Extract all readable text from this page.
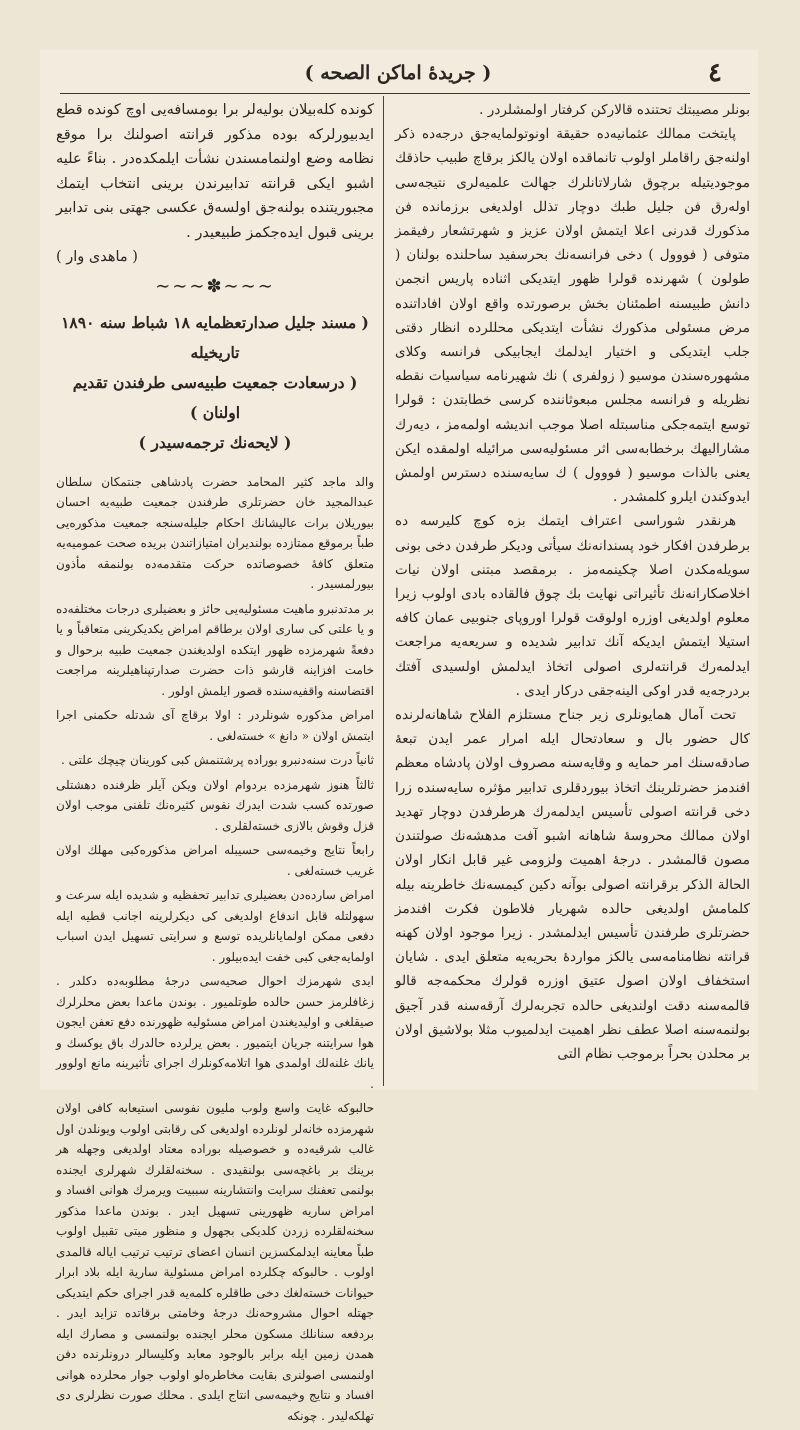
( جريدهٔ اماكن الصحه )	٤

بونلر مصيبتك تحتنده قالاركن كرفتار اولمشلردر .

پايتخت ممالك عثمانيه‌ده حقيقة اونوتولمايه‌جق درجه‌ده ذكر اولنه‌جق راقاملر اولوب تانماقده اولان يالكز برقاچ طبيب حاذقك موجوديتيله برچوق شارلاتانلرك جهالت علميه‌لرى نتيجه‌سى اوله‌رق فن جليل طبك دوچار تذلل اولديغى برزمانده فن مذكورك قدرنى اعلا ايتمش اولان عزيز و شهرتشعار رفيقمز متوفى ( فووول ) دخى فرانسه‌نك بحرسفيد ساحلنده بولنان ( طولون ) شهرنده قولرا ظهور ايتديكى اثناده پاريس انجمن دانش طبيسنه اطمئنان بخش برصورتده واقع اولان افاداتنده مرض مسئولى مذكورك نشأت ايتديكى محللرده انظار دقتى جلب ايتديكى و اختيار ايدلمك ايجابيكى فرانسه وكلاى مشهوره‌سندن موسيو ( زولفرى ) نك شهيرنامه سياسيات نقطه نظريله و فرانسه مجلس مبعوثاننده كرسى خطابتدن : قولرا توسع ايتمه‌جكى مناسبتله اصلا موجب انديشه اولمه‌مز ، ديه‌رك مشاراليهك برخطابه‌سى اثر مسئوليه‌سى مرا‌ئيله اولمقده ايكن يعنى بالذات موسيو ( فووول ) ك سايه‌سنده دسترس اولمش ايدوكندن ايلرو كلمشدر .

هرنقدر شوراسى اعتراف ايتمك بزه كوچ كليرسه ده برطرفدن افكار خود پسندانه‌نك سيأتى وديكر طرفدن دخى بونى سويله‌مكدن اصلا چكينمه‌مز . برمقصد مبتنى اولان نيات اخلاصكارانه‌نك تأثيراتى نهايت بك چوق فالقاده بادى اولوب زيرا معلوم اولديغى اوزره اولوقت قولرا اوروپاى جنوبيى عمان كافه استيلا ايتمش ايديكه آنك تدابير شديده و سريعه‌يه مراجعت ايدلمه‌رك قرانته‌لرى اصولى اتخاذ ايدلمش اولسيدى آفتك بردرجه‌يه قدر اوكى الينه‌جقى دركار ايدى .

تحت آمال همايونلرى زير جناح مستلزم الفلاح شاهانه‌لرنده كال حضور بال و سعادتحال ايله امرار عمر ايدن تبعهٔ صادقه‌سنك امر حمايه و وقايه‌سنه مصروف اولان پادشاه معظم افندمز حضرتلرينك اتخاذ بيوردقلرى تدابير مؤثره سايه‌سنده زرا دخى قرانته اصولى تأسيس ايدلمه‌رك هرطرفدن دوچار تهديد اولان ممالك محروسهٔ شاهانه اشبو آفت مدهشه‌نك صولتندن مصون قالمشدر . درجهٔ اهميت ولزومى غير قابل انكار اولان الحالة الذكر برقرانته اصولى بوآنه دكين كيمسه‌نك خاطرينه بيله كلمامش اولديغى حالده شهريار فلاطون فكرت افندمز حضرتلرى طرفندن تأسيس ايدلمشدر . زيرا موجود اولان كهنه قرانته نظامنامه‌سى يالكز مواردهٔ بحريه‌يه متعلق ايدى . شايان استخفاف اولان اصول عتيق اوزره قولرك محكمه‌جه قالو قالمه‌سنه دقت اولنديغى حالده تجربه‌لرك آرقه‌سنه قدر آجيق بولنمه‌سنه اصلا عطف نظر اهميت ايدلميوب مثلا بولاشيق اولان بر محلدن بحراً برموجب نظام التى

كونده كله‌بيلان بوليه‌لر برا بومسافه‌يى اوچ كونده قطع ايدبيورلركه بوده مذكور قرانته اصولنك برا موقع نظامه وضع اولنمامسندن نشأت ايلمكده‌در . بناءً عليه اشبو ايكى قرانته تدابيرندن برينى انتخاب ايتمك مجبوريتنده بولنه‌جق اولسه‌ق عكسى جهتى بنى تدابير برينى قبول ايده‌جكمز طبيعيدر .

( ماهدى وار )
∽∽∽✽∽∽∽

( مسند جليل صدارتعظمايه ١٨ شباط سنه ١٨٩٠ تاريخيله

( درسعادت جمعيت طبيه‌سى طرفندن تقديم اولنان )

( لايحه‌نك ترجمه‌سيدر )

والد ماجد كثير المحامد حضرت پادشاهى جنتمكان سلطان عبدالمجيد خان حضرتلرى طرفندن جمعيت طبيه‌يه احسان بيوريلان برات عاليشانك احكام جليله‌سنجه جمعيت مذكوره‌يى طباً برموقع ممتازده بولنديران امتيازاتندن بريده صحت عموميه‌يه متعلق كافهٔ خصوصاتده حركت متقدمه‌ده بولنمقه مأذون بيورلمسيدر .

بر مدتدنبرو ماهيت مسئوليه‌يى حائز و بعضيلرى درجات مختلفه‌ده و يا علتى كى سارى اولان برطاقم امراض يكديكرينى متعاقباً و يا دفعةً شهرمزده ظهور ايتكده اولديغندن جمعيت طبيه برحوال و خامت افزاينه قارشو ذات حضرت صدارتپناهيلرينه مراجعت اقتضاسنه واقفيه‌سنده قصور ايلمش اولور .

امراض مذكوره شونلردر : اولا برقاچ آى شدتله حكمنى اجرا ايتمش اولان « دانغ » خسته‌لغى .

ثانياً درت سنه‌دنبرو بوراده پرشتنمش كبى كورينان چيچك علتى .

ثالثاً هنوز شهرمزده بردوام اولان ويكن آيلر ظرفنده دهشتلى صورتده كسب شدت ايدرك نفوس كثيره‌نك تلفنى موجب اولان قزل وقوش بالازى خسته‌لقلرى .

رابعاً نتايج وخيمه‌سى حسيبله امراض مذكوره‌كبى مهلك اولان غريب خسته‌لغى .

امراض سارده‌دن بعضيلرى تدابير تحفظيه و شديده ايله سرعت و سهولتله قابل اندفاع اولديغى كى ديكرلرينه اجانب قطيه ايله دفعى ممكن اولمايانلريده توسع و سرايتى تسهيل ايدن اسباب اولمايه‌جغى كبى خفت ايده‌بيلور .

ايدى شهرمزك احوال صحيه‌سى درجهٔ مطلوبه‌ده دكلدر . زغافلرمز حسن حالده طوتلميور . بوندن ماعدا بعض محلرلرك صيقلغى و اوليديغندن امراض مسئوليه ظهورنده دفع تعفن ايجون هوا سرايتنه جريان ايتميور . بعض يرلرده حالدرك باق يوكسك و يانك غلنه‌لك اولمدى هوا اتلامه‌كونلرك اجراى تأثيرينه مانع اولوور .

حالبوكه غايت واسع ولوب مليون نفوسى استيعابه كافى اولان شهرمزده خانه‌لر لونلرده اولديغى كى رقابتى اولوب ويونلدن اول غالب شرقيه‌ده و خصوصيله بوراده معتاد اولديغى وجهله هر برينك بر باغچه‌سى بولنقيدى . سخنه‌لقلرك شهرلرى ايجنده بولنمى تعفنك سرايت وانتشارينه سببيت ويرمرك هوانى افساد و امراض ساريه ظهورينى تسهيل ايدر . بوندن ماعدا مذكور سخنه‌لقلرده زردن كلديكى بجهول و منظور ميتى تقبيل اولوب طباً معاينه ايدلمكسزين انسان اعضاى ترتيب ترتيب اياله قالمدى اولوب . حالبوكه چكلرده امراض مسئولية سارية ايله بلاد ابرار حيوانات خسته‌لغك دخى طاقلره كلمه‌يه قدر اجراى حكم ايتديكى جهتله احوال مشروحه‌نك درجهٔ وخامتى برقاتده تزايد ايدر . بردفعه سنانلك مسكون محلر ايجنده بولنمسى و مصارك ايله همدن زمين ايله برابر بالوجود معابد وكليسالر درونلرنده دفن اولنمسى اصولنرى بقايت مخاطره‌لو اولوب جوار محلرده هوانى افساد و نتايج وخيمه‌سى انتاج ايلدى . محلك صورت نظرلرى دى تهلكه‌ليدر . چونكه
